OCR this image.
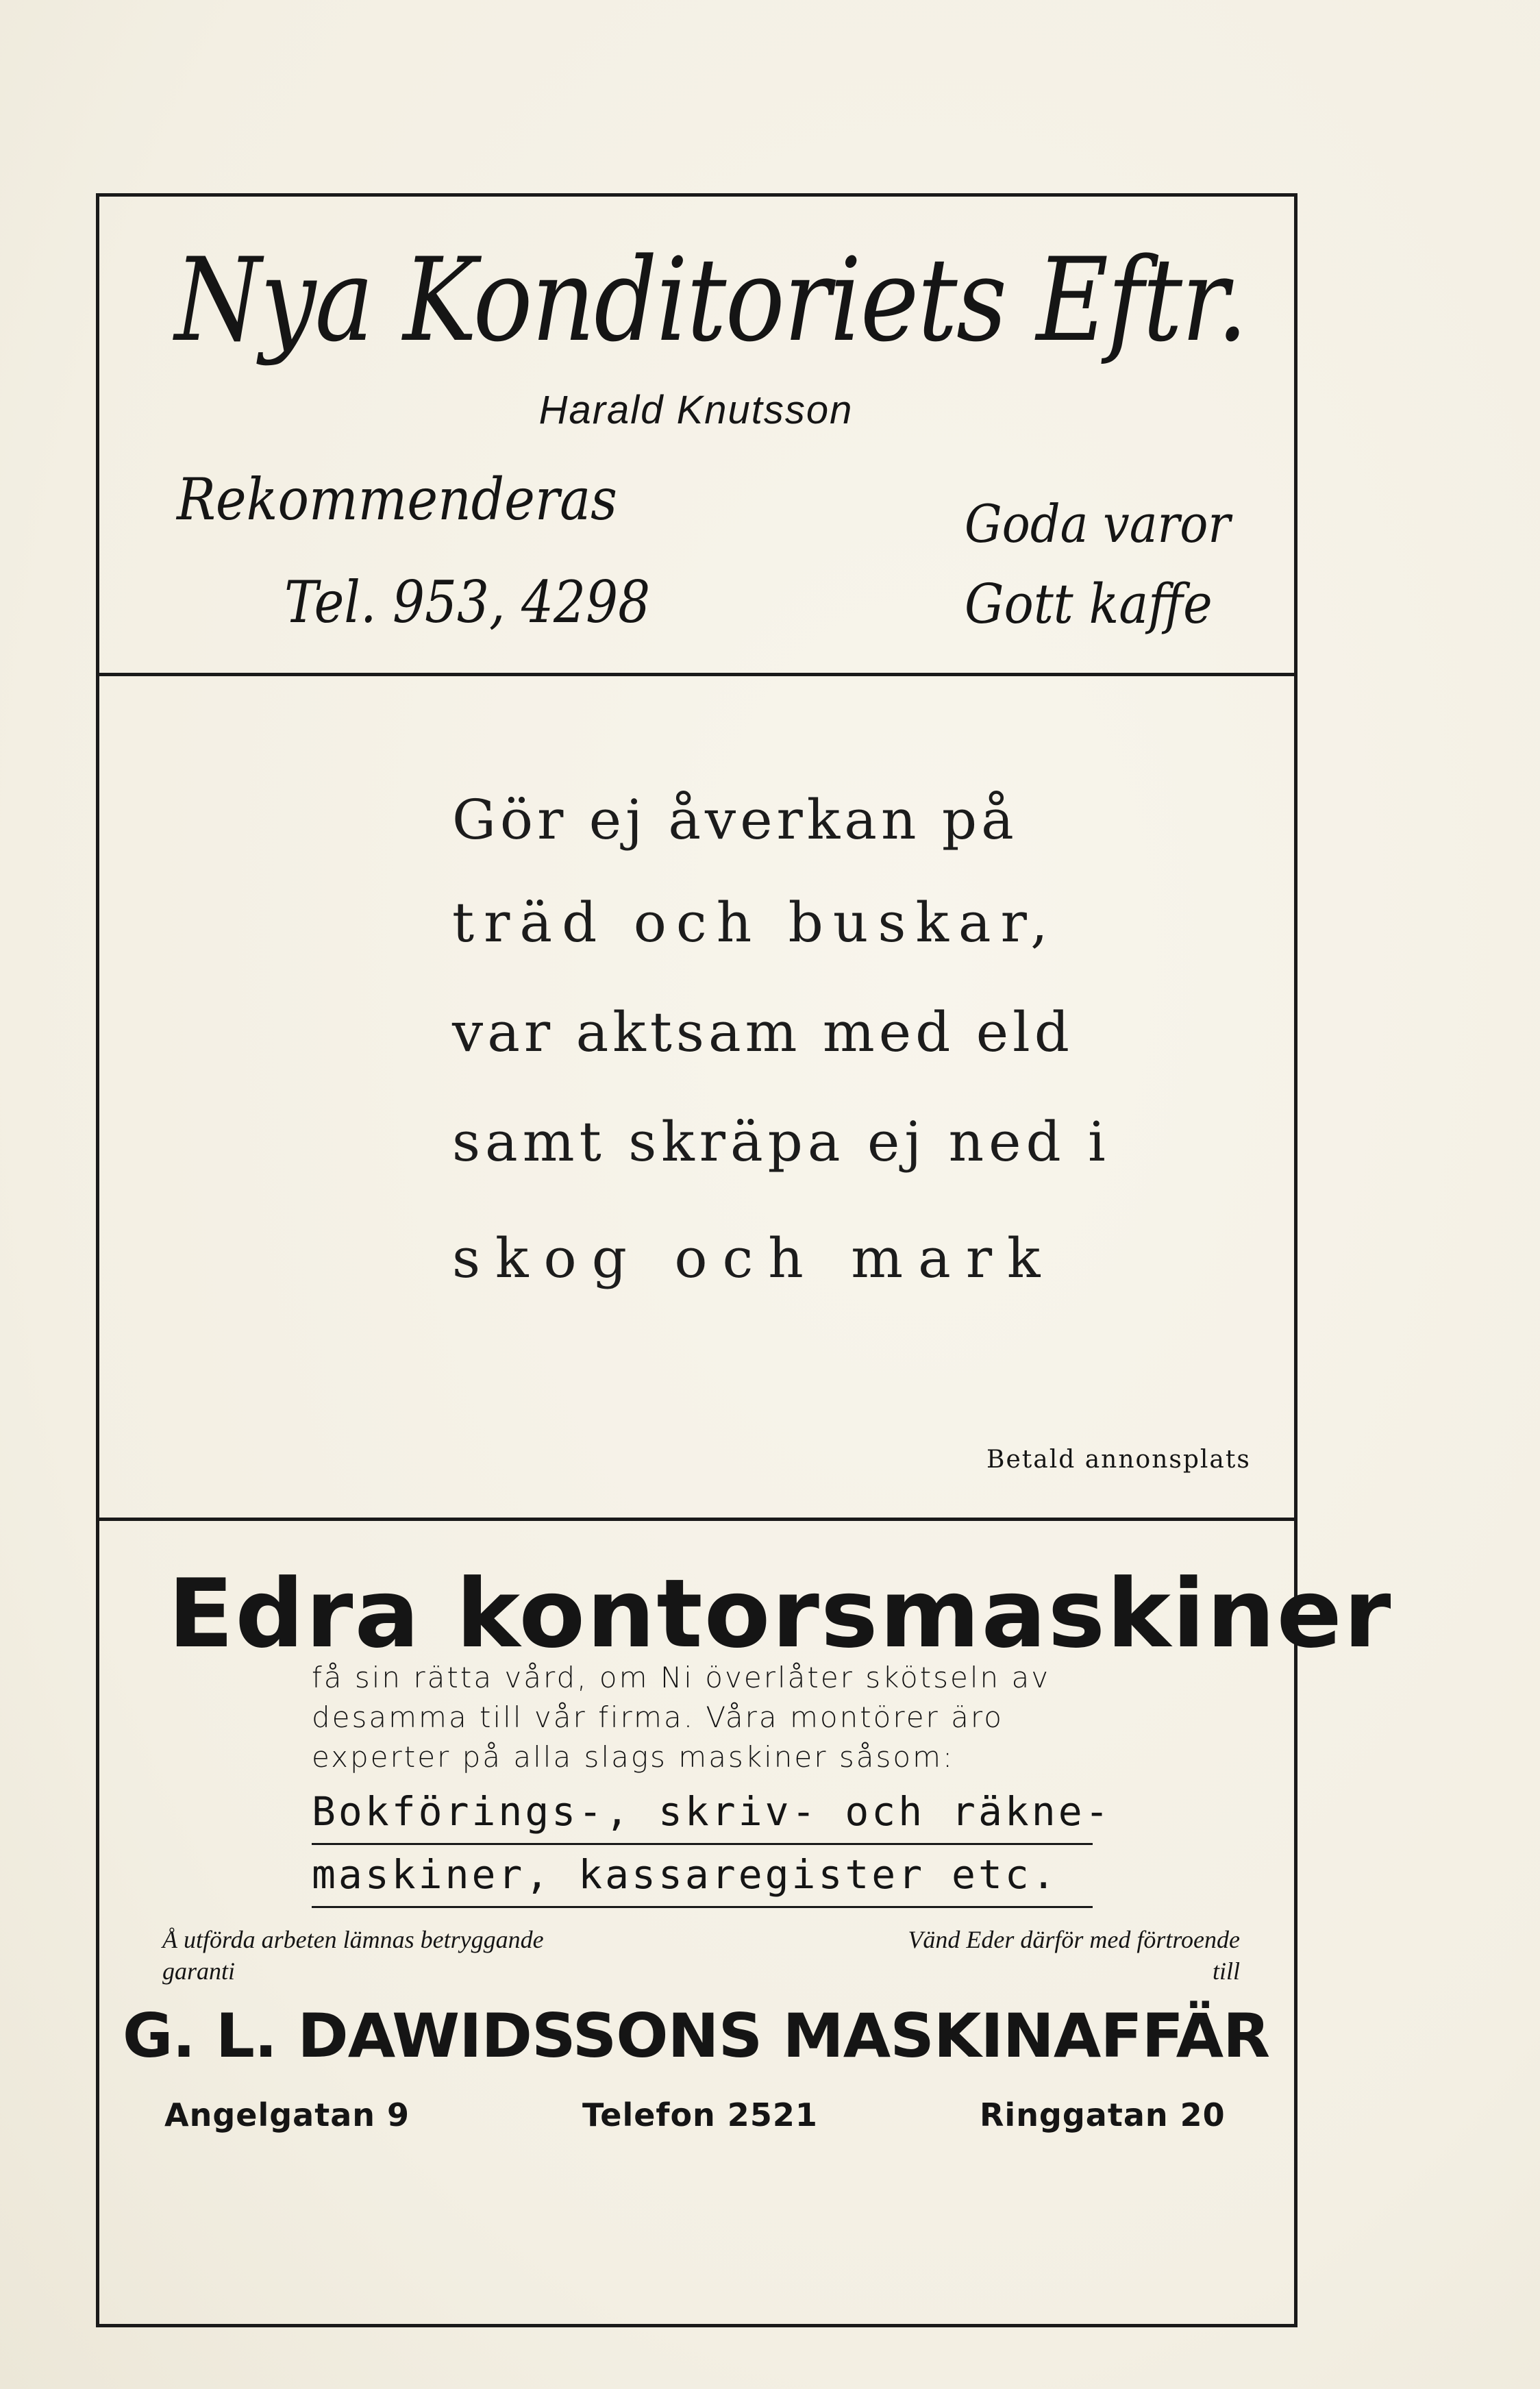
Nya Konditoriets Eftr.
Harald Knutsson
Rekommenderas	Goda varor
Tel. 953, 4298	Gott kaffe
Gör ej åverkan på
träd och buskar,
var aktsam med eld
samt skräpa ej ned i
skog och mark
Betald annonsplats
Edra kontorsmaskiner
få sin rätta vård, om Ni överlåter skötseln av desamma till vår firma. Våra montörer äro experter på alla slags maskiner såsom:
Bokförings-, skriv- och räkne-
maskiner, kassaregister etc.
Å utförda arbeten lämnas betryggande garanti
Vänd Eder därför med förtroende till
G. L. DAWIDSSONS MASKINAFFÄR
Angelgatan 9	Telefon 2521	Ringgatan 20
